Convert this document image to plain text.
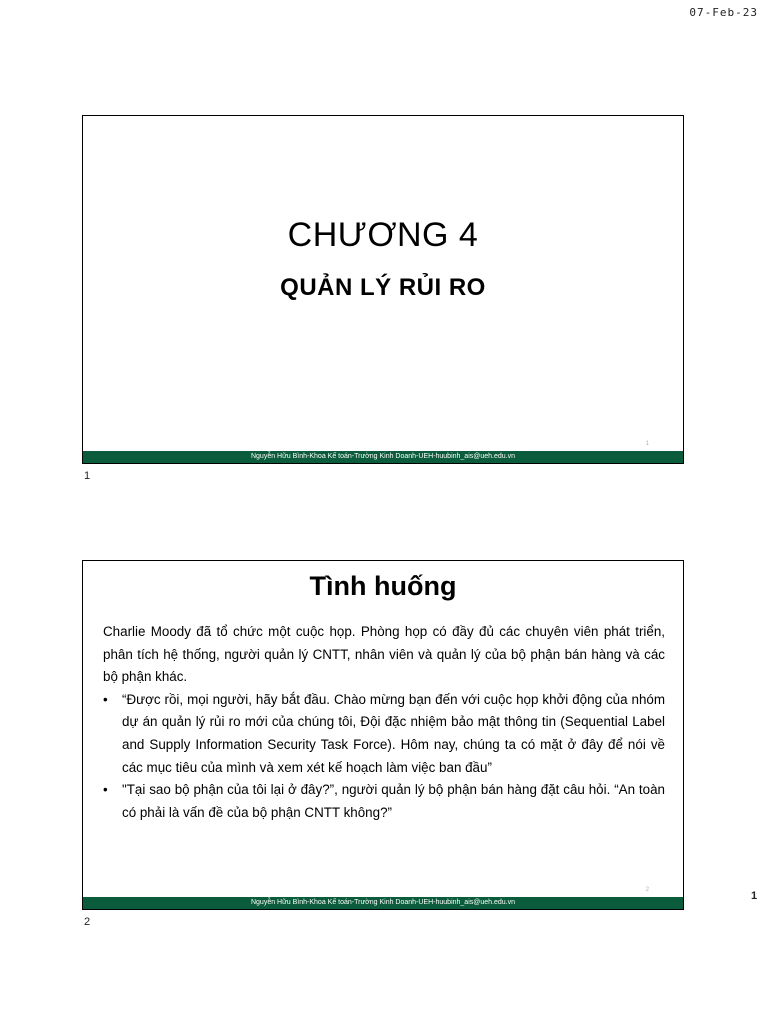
07-Feb-23
CHƯƠNG 4
QUẢN LÝ RỦI RO
1
Nguyễn Hữu Bình-Khoa Kế toán-Trường Kinh Doanh-UEH-huubinh_ais@ueh.edu.vn
1
Tình huống

Charlie Moody đã tổ chức một cuộc họp. Phòng họp có đầy đủ các chuyên viên phát triển, phân tích hệ thống, người quản lý CNTT, nhân viên và quản lý của bộ phận bán hàng và các bộ phận khác.

• “Được rồi, mọi người, hãy bắt đầu. Chào mừng bạn đến với cuộc họp khởi động của nhóm dự án quản lý rủi ro mới của chúng tôi, Đội đặc nhiệm bảo mật thông tin (Sequential Label and Supply Information Security Task Force). Hôm nay, chúng ta có mặt ở đây để nói về các mục tiêu của mình và xem xét kế hoạch làm việc ban đầu”
• "Tại sao bộ phận của tôi lại ở đây?”, người quản lý bộ phận bán hàng đặt câu hỏi. “An toàn có phải là vấn đề của bộ phận CNTT không?”
2
Nguyễn Hữu Bình-Khoa Kế toán-Trường Kinh Doanh-UEH-huubinh_ais@ueh.edu.vn
2
1
